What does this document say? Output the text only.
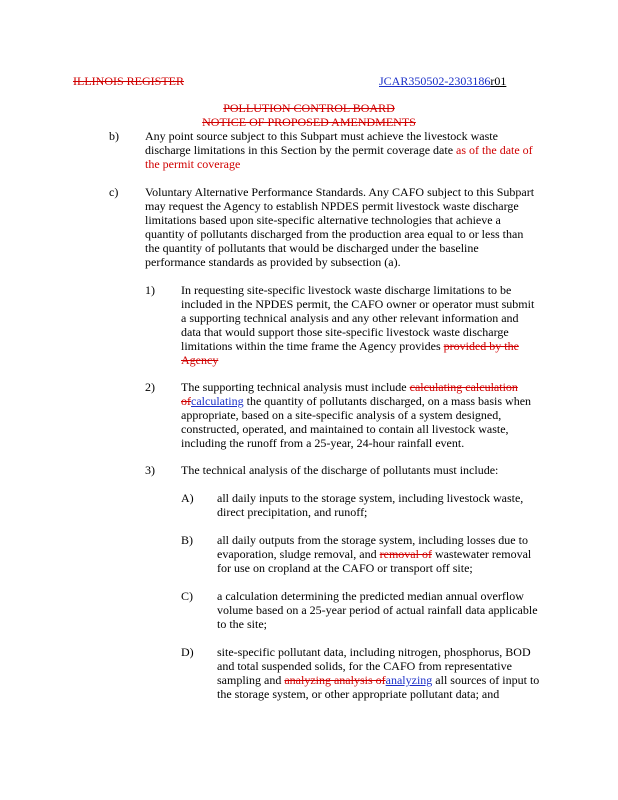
ILLINOIS REGISTER	JCAR350502-2303186r01
POLLUTION CONTROL BOARD
NOTICE OF PROPOSED AMENDMENTS
b)	Any point source subject to this Subpart must achieve the livestock waste
discharge limitations in this Section by the permit coverage date as of the date of
the permit coverage
c)	Voluntary Alternative Performance Standards. Any CAFO subject to this Subpart
may request the Agency to establish NPDES permit livestock waste discharge
limitations based upon site-specific alternative technologies that achieve a
quantity of pollutants discharged from the production area equal to or less than
the quantity of pollutants that would be discharged under the baseline
performance standards as provided by subsection (a).
1)	In requesting site-specific livestock waste discharge limitations to be
included in the NPDES permit, the CAFO owner or operator must submit
a supporting technical analysis and any other relevant information and
data that would support those site-specific livestock waste discharge
limitations within the time frame the Agency provides provided by the
Agency
2)	The supporting technical analysis must include calculating calculation
ofcalculating the quantity of pollutants discharged, on a mass basis when
appropriate, based on a site-specific analysis of a system designed,
constructed, operated, and maintained to contain all livestock waste,
including the runoff from a 25-year, 24-hour rainfall event.
3)	The technical analysis of the discharge of pollutants must include:
A)	all daily inputs to the storage system, including livestock waste,
direct precipitation, and runoff;
B)	all daily outputs from the storage system, including losses due to
evaporation, sludge removal, and removal of wastewater removal
for use on cropland at the CAFO or transport off site;
C)	a calculation determining the predicted median annual overflow
volume based on a 25-year period of actual rainfall data applicable
to the site;
D)	site-specific pollutant data, including nitrogen, phosphorus, BOD
and total suspended solids, for the CAFO from representative
sampling and analyzing analysis ofanalyzing all sources of input to
the storage system, or other appropriate pollutant data; and
